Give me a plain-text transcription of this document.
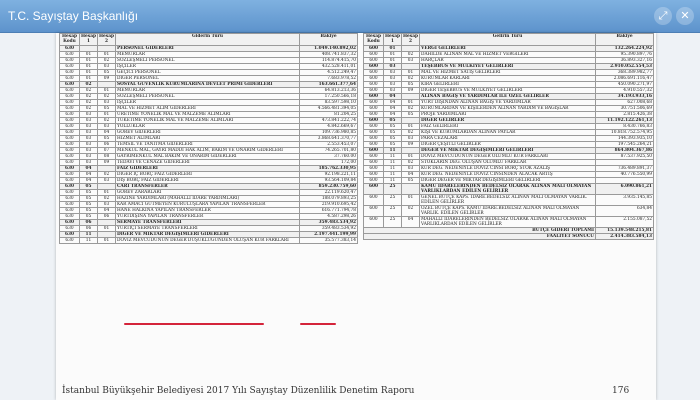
T.C. Sayıştay Başkanlığı	⤢	✕
Hesap Kodu	Hesap 1	Hesap 2	Giderin Türü	Bakiye
630			PERSONEL GİDERLERİ	1.049.140.892,02
630	01	01	MEMURLAR	408.741.837,32
630	01	02	SÖZLEŞMELİ PERSONEL	114.874.415,70
630	01	03	İŞÇİLER	432.528.411,01
630	01	05	GEÇİCİ PERSONEL	4.512.249,47
630	01	09	DİĞER PERSONEL	7.683.978,52
630	02		SOSYAL GÜVENLİK KURUMLARINA DEVLET PRİMİ GİDERLERİ	163.661.377,64
630	02	01	MEMURLAR	64.813.213,36
630	02	02	SÖZLEŞMELİ PERSONEL	17.250.566,18
630	02	03	İŞÇİLER	83.597.598,10
630	02	05	MAL VE HİZMET ALIM GİDERLERİ	4.566.481.394,05
630	03	01	ÜRETİME YÖNELİK MAL VE MALZEME ALIMLARI	81.204,25
630	03	02	TÜKETİME YÖNELİK MAL VE MALZEME ALIMLARI	473.841.222,74
630	03	03	YOLLUKLAR	4.842.669,67
630	03	04	GÖREV GİDERLERİ	109.736.980,85
630	03	05	HİZMET ALIMLARI	3.868.641.370,77
630	03	06	TEMSİL VE TANITMA GİDERLERİ	2.553.453,07
630	03	07	MENKUL MAL, GAYRİ MADDİ HAK ALIM, BAKIM VE ONARIM GİDERLERİ	74.265.701,80
630	03	08	GAYRİMENKUL MAL BAKIM VE ONARIM GİDERLERİ	37.760.00
630	03	09	TEDAVİ VE CENAZE GİDERLERİ	172,00
630	04		FAİZ GİDERLERİ	185.762.330,95
630	04	02	DİĞER İÇ BORÇ FAİZ GİDERLERİ	92.198.221,11
630	04	03	DIŞ BORÇ FAİZ GİDERLERİ	93.564.109,84
630	05		CARİ TRANSFERLER	859.230.759,60
630	05	01	GÖREV ZARARLARI	22.119.620,47
630	05	02	HAZİNE YARDIMLARI (MAHALLİ İDARE YARDIMLARI)	188.079.893,25
630	05	03	KAR AMACI GÜTMEYEN KURULUŞLARA YAPILAN TRANSFERLER	219.910.695,42
630	05	04	HANE HALKINA YAPILAN TRANSFERLER	616.771.794,78
630	05	06	YURTDIŞINA YAPILAN TRANSFERLER	4.587.298,26
630	06		SERMAYE TRANSFERLERİ	359.483.534,92
630	06	01	YURTİÇİ SERMAYE TRANSFERLERİ	359.483.534,92
630	11		DİĞER VE MİKTAR DEĞİŞİMLERİ GİDERLERİ	2.197.441.199,99
630	11	01	DÖVİZ MEVCUDUNUN DEĞER DÜŞÜKLÜĞÜNDEN OLUŞAN KUR FARKLARI	35.577.383,14
Hesap Kodu	Hesap 1	Hesap 2	Gelirin Türü	Bakiye
600	01		VERGİ GELİRLERİ	132.264.224,92
600	01	02	DAHİLDE ALINAN MAL VE HİZMET VERGİLERİ	95.390.897,76
600	01	03	HARÇLAR	36.893.327,16
600	03		TEŞEBBÜS VE MÜLKİYET GELİRLERİ	2.910.052.554,53
600	03	01	MAL VE HİZMET SATIŞ GELİRLERİ	368.389.982,77
600	03	02	KURUMLAR KARLARI	2.086.691.116,47
600	03	05	KİRA GELİRLERİ	450.090.271,97
600	03	09	DİĞER TEŞEBBÜS VE MÜLKİYET GELİRLERİ	4.910.557,32
600	04		ALINAN BAĞIŞ VE YARDIMLAR İLE ÖZEL GELİRLER	34.193.933,16
600	04	01	YURT DIŞINDAN ALINAN BAĞIŞ VE YARDIMLAR	627.008,68
600	04	02	KURUMLARDAN VE KİŞİLERDEN ALINAN YARDIM VE BAĞIŞLAR	30.751.506,69
600	04	05	PROJE YARDIMLARI	2.815.426,38
600	05		DİĞER GELİRLER	11.192.122.261,13
600	05	01	FAİZ GELİRLERİ	8.430.766,83
600	05	02	KİŞİ VE KURUMLARDAN ALINAN PAYLAR	10.818.752.574,95
600	05	03	PARA CEZALARI	144.393.935,10
600	05	09	DİĞER ÇEŞİTLİ GELİRLER	197.545.264,21
600	11		DEĞER VE MİKTAR DEĞİŞİMLERİ GELİRLERİ	864.804.367,86
600	11	01	DÖVİZ MEVCUDUNUN DEĞER OLUMLU KUR FARKLARI	87.537.925,50
600	11	02	STOKLARIN DEĞ. OLUŞAN OLUMLU FARKLAR	
600	11	03	KUR DEĞ. NEDENİYLE DÖVİZ CİNSİ BORÇ STOK AZALIŞ	736.489.891,37
600	11	04	KUR DEĞ. NEDENİYLE DÖVİZ CİNSİNDEN ALACAK ARTIŞ	40.776.550,99
600	11	05	DİĞER DEĞER VE MİKTAR DEĞİŞİMLERİ GELİRLERİ	
600	25		KAMU İDARELERİNDEN BEDELSİZ OLARAK ALINAN MALİ OLMAYAN VARLIKLARDAN EDİLEN GELİRLER	6.090.861,21
600	25	01	GENEL BÜTÇE KAPS. İDARE.BEDELSİZ ALINAN MALİ OLMAYAN VARLIK. EDİLEN GELİRLER	3.935.145,85
600	25	02	ÖZEL BÜTÇE KAPS. KAMU İDARE.BEDELSİZ ALINAN MALİ OLMAYAN VARLIK. EDİLEN GELİRLER	634,84
600	25	04	MAHALLİ İDARELERİNDEN BEDELSİZ OLARAK ALINAN MALİ OLMAYAN VARLIKLARDAN EDİLEN GELİRLER	2.155.087,52
BÜTÇE GİDERİ TOPLAMI				15.139.548.215,81
FAALİYET SONUCU				2.414.383.584,13
İstanbul Büyükşehir Belediyesi 2017 Yılı Sayıştay Düzenlilik Denetim Raporu	176
